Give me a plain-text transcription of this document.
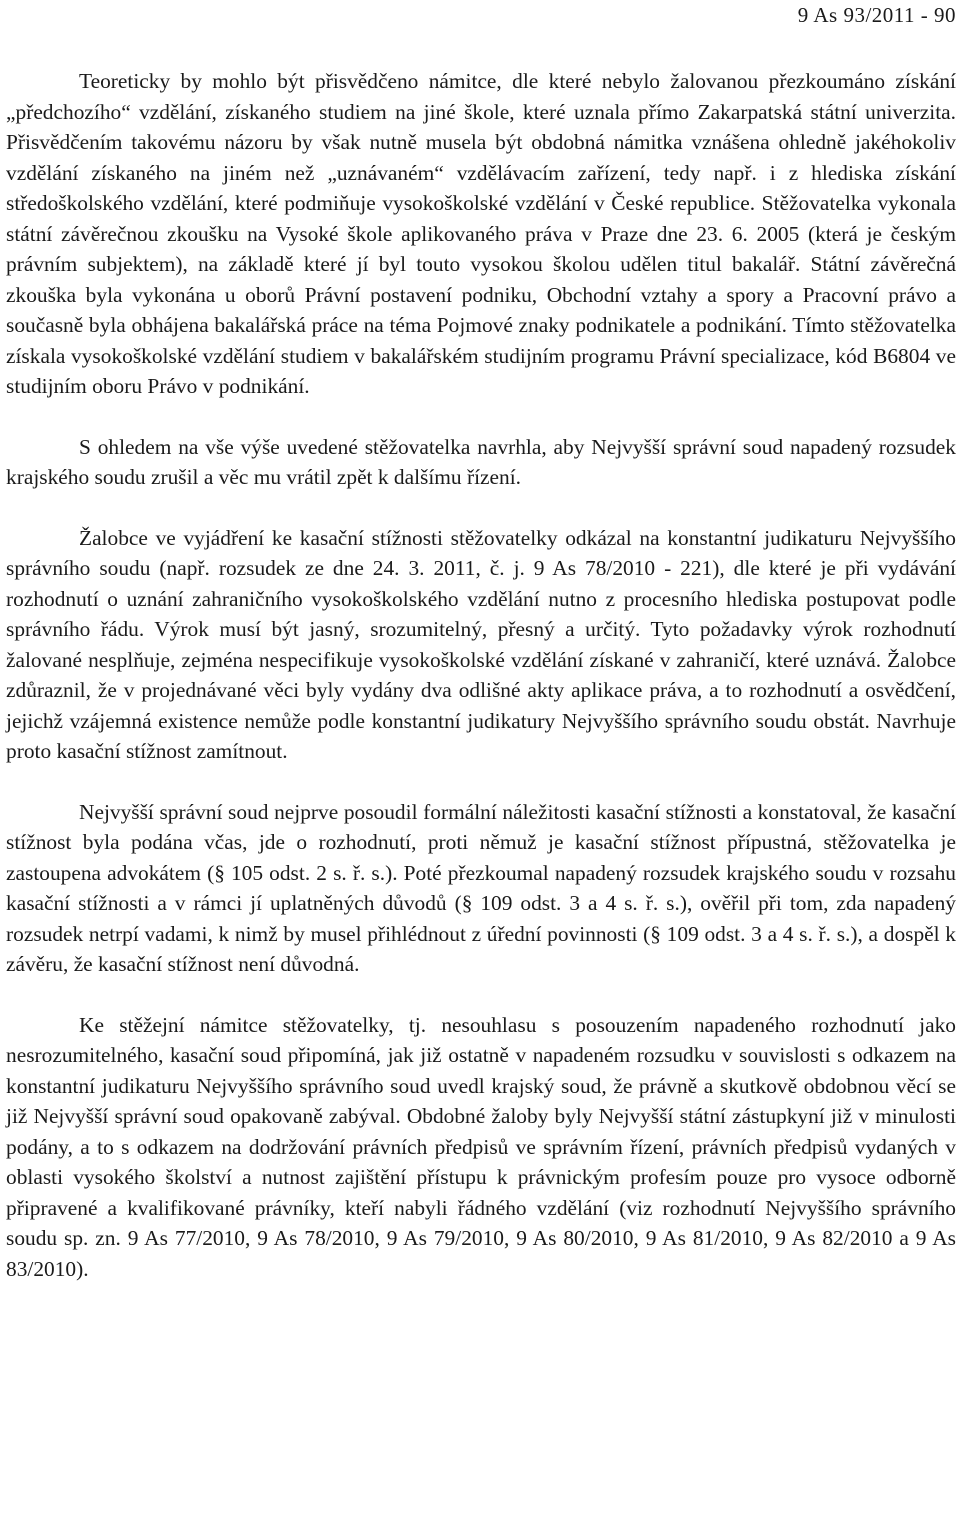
9 As 93/2011 - 90

Teoreticky by mohlo být přisvědčeno námitce, dle které nebylo žalovanou přezkoumáno získání „předchozího“ vzdělání, získaného studiem na jiné škole, které uznala přímo Zakarpatská státní univerzita. Přisvědčením takovému názoru by však nutně musela být obdobná námitka vznášena ohledně jakéhokoliv vzdělání získaného na jiném než „uznávaném“ vzdělávacím zařízení, tedy např. i z hlediska získání středoškolského vzdělání, které podmiňuje vysokoškolské vzdělání v České republice. Stěžovatelka vykonala státní závěrečnou zkoušku na Vysoké škole aplikovaného práva v Praze dne 23. 6. 2005 (která je českým právním subjektem), na základě které jí byl touto vysokou školou udělen titul bakalář. Státní závěrečná zkouška byla vykonána u oborů Právní postavení podniku, Obchodní vztahy a spory a Pracovní právo a současně byla obhájena bakalářská práce na téma Pojmové znaky podnikatele a podnikání. Tímto stěžovatelka získala vysokoškolské vzdělání studiem v bakalářském studijním programu Právní specializace, kód B6804 ve studijním oboru Právo v podnikání.

S ohledem na vše výše uvedené stěžovatelka navrhla, aby Nejvyšší správní soud napadený rozsudek krajského soudu zrušil a věc mu vrátil zpět k dalšímu řízení.

Žalobce ve vyjádření ke kasační stížnosti stěžovatelky odkázal na konstantní judikaturu Nejvyššího správního soudu (např. rozsudek ze dne 24. 3. 2011, č. j. 9 As 78/2010 - 221), dle které je při vydávání rozhodnutí o uznání zahraničního vysokoškolského vzdělání nutno z procesního hlediska postupovat podle správního řádu. Výrok musí být jasný, srozumitelný, přesný a určitý. Tyto požadavky výrok rozhodnutí žalované nesplňuje, zejména nespecifikuje vysokoškolské vzdělání získané v zahraničí, které uznává. Žalobce zdůraznil, že v projednávané věci byly vydány dva odlišné akty aplikace práva, a to rozhodnutí a osvědčení, jejichž vzájemná existence nemůže podle konstantní judikatury Nejvyššího správního soudu obstát. Navrhuje proto kasační stížnost zamítnout.

Nejvyšší správní soud nejprve posoudil formální náležitosti kasační stížnosti a konstatoval, že kasační stížnost byla podána včas, jde o rozhodnutí, proti němuž je kasační stížnost přípustná, stěžovatelka je zastoupena advokátem (§ 105 odst. 2 s. ř. s.). Poté přezkoumal napadený rozsudek krajského soudu v rozsahu kasační stížnosti a v rámci jí uplatněných důvodů (§ 109 odst. 3 a 4 s. ř. s.), ověřil při tom, zda napadený rozsudek netrpí vadami, k nimž by musel přihlédnout z úřední povinnosti (§ 109 odst. 3 a 4 s. ř. s.), a dospěl k závěru, že kasační stížnost není důvodná.

Ke stěžejní námitce stěžovatelky, tj. nesouhlasu s posouzením napadeného rozhodnutí jako nesrozumitelného, kasační soud připomíná, jak již ostatně v napadeném rozsudku v souvislosti s odkazem na konstantní judikaturu Nejvyššího správního soud uvedl krajský soud, že právně a skutkově obdobnou věcí se již Nejvyšší správní soud opakovaně zabýval. Obdobné žaloby byly Nejvyšší státní zástupkyní již v minulosti podány, a to s odkazem na dodržování právních předpisů ve správním řízení, právních předpisů vydaných v oblasti vysokého školství a nutnost zajištění přístupu k právnickým profesím pouze pro vysoce odborně připravené a kvalifikované právníky, kteří nabyli řádného vzdělání (viz rozhodnutí Nejvyššího správního soudu sp. zn. 9 As 77/2010, 9 As 78/2010, 9 As 79/2010, 9 As 80/2010, 9 As 81/2010, 9 As 82/2010 a 9 As 83/2010).
